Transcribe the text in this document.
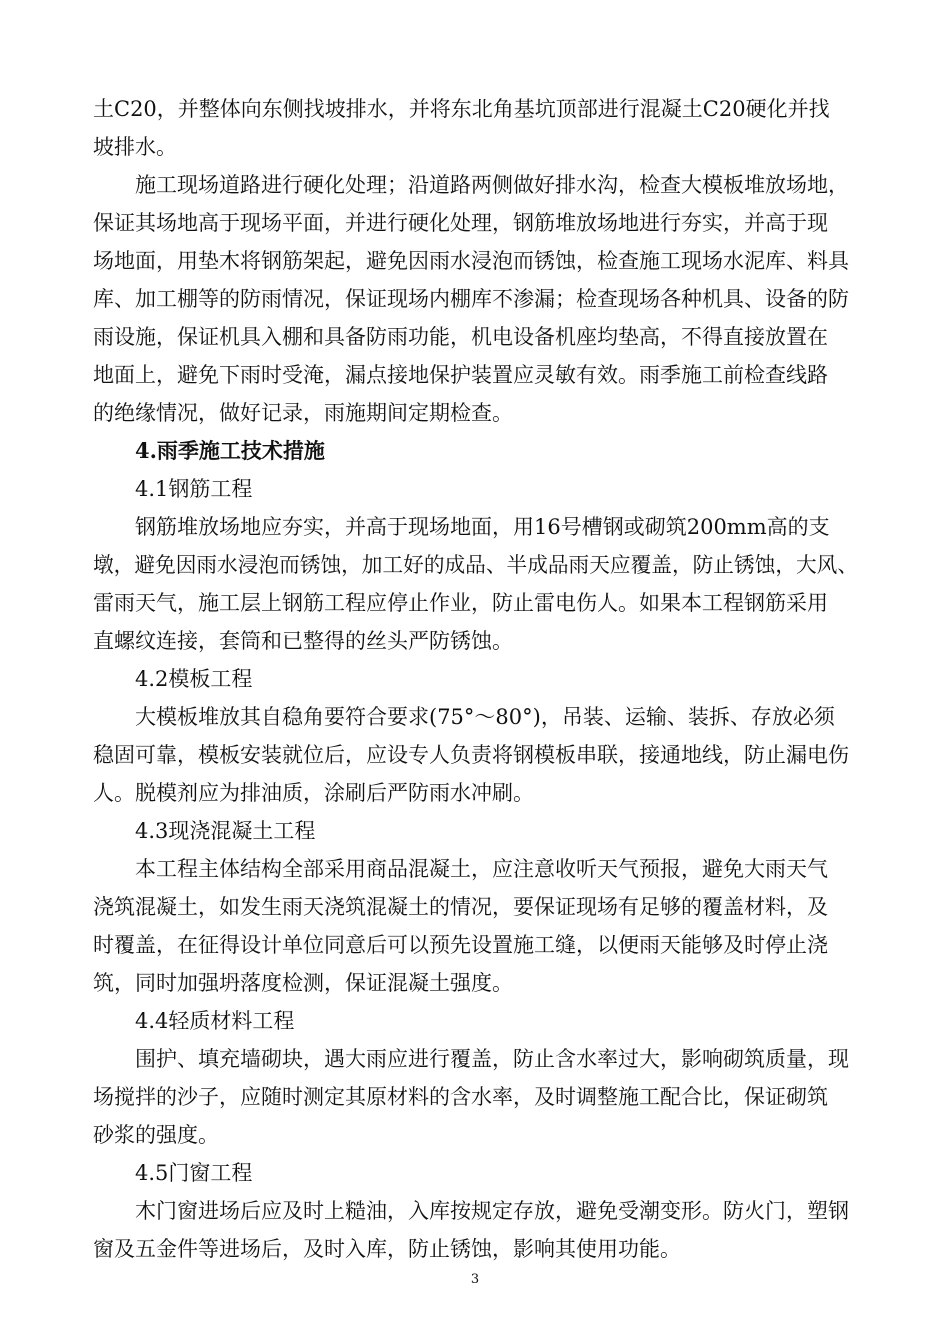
土C20，并整体向东侧找坡排水，并将东北角基坑顶部进行混凝土C20硬化并找
坡排水。
施工现场道路进行硬化处理；沿道路两侧做好排水沟，检查大模板堆放场地，
保证其场地高于现场平面，并进行硬化处理，钢筋堆放场地进行夯实，并高于现
场地面，用垫木将钢筋架起，避免因雨水浸泡而锈蚀，检查施工现场水泥库、料具
库、加工棚等的防雨情况，保证现场内棚库不渗漏；检查现场各种机具、设备的防
雨设施，保证机具入棚和具备防雨功能，机电设备机座均垫高，不得直接放置在
地面上，避免下雨时受淹，漏点接地保护装置应灵敏有效。雨季施工前检查线路
的绝缘情况，做好记录，雨施期间定期检查。
4.雨季施工技术措施
4.1钢筋工程
钢筋堆放场地应夯实，并高于现场地面，用16号槽钢或砌筑200mm高的支
墩，避免因雨水浸泡而锈蚀，加工好的成品、半成品雨天应覆盖，防止锈蚀，大风、
雷雨天气，施工层上钢筋工程应停止作业，防止雷电伤人。如果本工程钢筋采用
直螺纹连接，套筒和已整得的丝头严防锈蚀。
4.2模板工程
大模板堆放其自稳角要符合要求(75°～80°)，吊装、运输、装拆、存放必须
稳固可靠，模板安装就位后，应设专人负责将钢模板串联，接通地线，防止漏电伤
人。脱模剂应为排油质，涂刷后严防雨水冲刷。
4.3现浇混凝土工程
本工程主体结构全部采用商品混凝土，应注意收听天气预报，避免大雨天气
浇筑混凝土，如发生雨天浇筑混凝土的情况，要保证现场有足够的覆盖材料，及
时覆盖，在征得设计单位同意后可以预先设置施工缝，以便雨天能够及时停止浇
筑，同时加强坍落度检测，保证混凝土强度。
4.4轻质材料工程
围护、填充墙砌块，遇大雨应进行覆盖，防止含水率过大，影响砌筑质量，现
场搅拌的沙子，应随时测定其原材料的含水率，及时调整施工配合比，保证砌筑
砂浆的强度。
4.5门窗工程
木门窗进场后应及时上糙油，入库按规定存放，避免受潮变形。防火门，塑钢
窗及五金件等进场后，及时入库，防止锈蚀，影响其使用功能。
3
